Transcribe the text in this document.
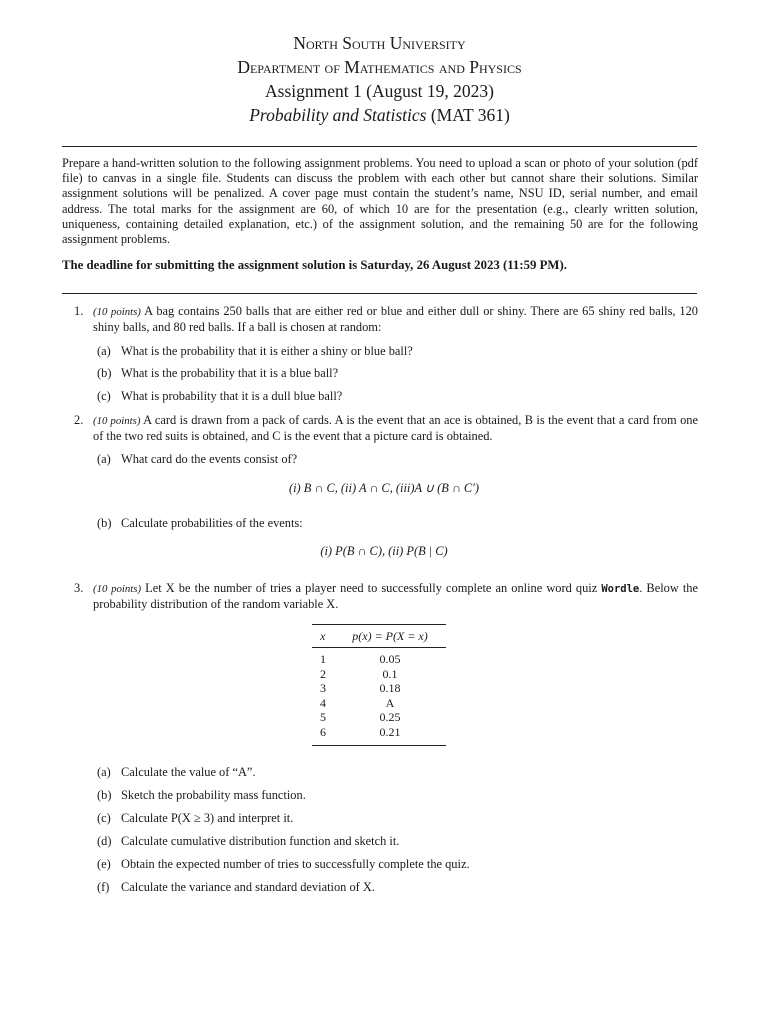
North South University
Department of Mathematics and Physics
Assignment 1 (August 19, 2023)
Probability and Statistics (MAT 361)
Prepare a hand-written solution to the following assignment problems. You need to upload a scan or photo of your solution (pdf file) to canvas in a single file. Students can discuss the problem with each other but cannot share their solutions. Similar assignment solutions will be penalized. A cover page must contain the student’s name, NSU ID, serial number, and email address. The total marks for the assignment are 60, of which 10 are for the presentation (e.g., clearly written solution, uniqueness, containing detailed explanation, etc.) of the assignment solution, and the remaining 50 are for the following assignment problems.
The deadline for submitting the assignment solution is Saturday, 26 August 2023 (11:59 PM).
1. (10 points) A bag contains 250 balls that are either red or blue and either dull or shiny. There are 65 shiny red balls, 120 shiny balls, and 80 red balls. If a ball is chosen at random:
(a) What is the probability that it is either a shiny or blue ball?
(b) What is the probability that it is a blue ball?
(c) What is probability that it is a dull blue ball?
2. (10 points) A card is drawn from a pack of cards. A is the event that an ace is obtained, B is the event that a card from one of the two red suits is obtained, and C is the event that a picture card is obtained.
(a) What card do the events consist of?
(i) B ∩ C, (ii) A ∩ C, (iii)A ∪ (B ∩ C′)
(b) Calculate probabilities of the events:
(i) P(B ∩ C), (ii) P(B | C)
3. (10 points) Let X be the number of tries a player need to successfully complete an online word quiz Wordle. Below the probability distribution of the random variable X.
x	p(x) = P(X = x)
1	0.05
2	0.1
3	0.18
4	A
5	0.25
6	0.21
(a) Calculate the value of “A”.
(b) Sketch the probability mass function.
(c) Calculate P(X ≥ 3) and interpret it.
(d) Calculate cumulative distribution function and sketch it.
(e) Obtain the expected number of tries to successfully complete the quiz.
(f) Calculate the variance and standard deviation of X.
